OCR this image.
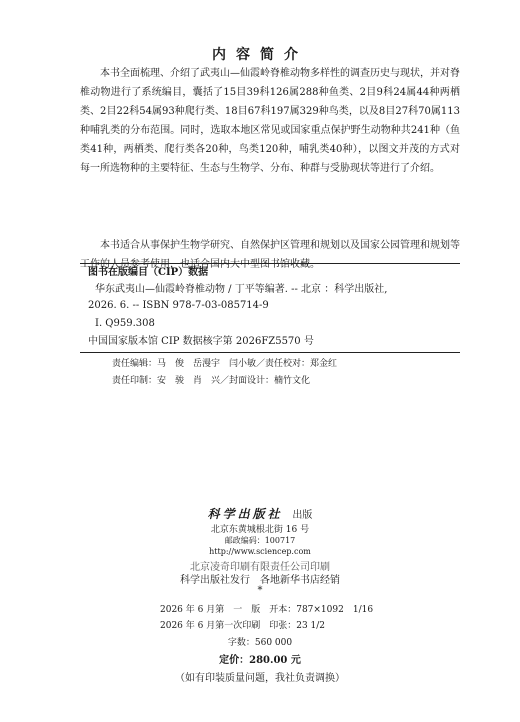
内容简介
本书全面梳理、介绍了武夷山—仙霞岭脊椎动物多样性的调查历史与现状，并对脊椎动物进行了系统编目，囊括了15目39科126属288种鱼类、2目9科24属44种两栖类、2目22科54属93种爬行类、18目67科197属329种鸟类，以及8目27科70属113种哺乳类的分布范围。同时，选取本地区常见或国家重点保护野生动物种共241种（鱼类41种，两栖类、爬行类各20种，鸟类120种，哺乳类40种），以图文并茂的方式对每一所选物种的主要特征、生态与生物学、分布、种群与受胁现状等进行了介绍。
本书适合从事保护生物学研究、自然保护区管理和规划以及国家公园管理和规划等工作的人员参考使用，也适合国内大中型图书馆收藏。
图书在版编目（CIP）数据
华东武夷山—仙霞岭脊椎动物 / 丁平等编著. -- 北京 ：科学出版社,
2026. 6. -- ISBN 978-7-03-085714-9
Ⅰ. Q959.308
中国国家版本馆 CIP 数据核字第 2026FZ5570 号
责任编辑：马　俊　岳漫宇　闫小敏／责任校对：郑金红
责任印制：安　骏　肖　兴／封面设计：楠竹文化
科学出版社 出版
北京东黄城根北街 16 号
邮政编码：100717
http://www.sciencep.com
北京凌奇印刷有限责任公司印刷
科学出版社发行　各地新华书店经销
*
2026 年 6 月第　一　版　开本：787×1092　1/16
2026 年 6 月第一次印刷　印张：23 1/2
字数：560 000
定价：280.00 元
（如有印装质量问题，我社负责调换）
